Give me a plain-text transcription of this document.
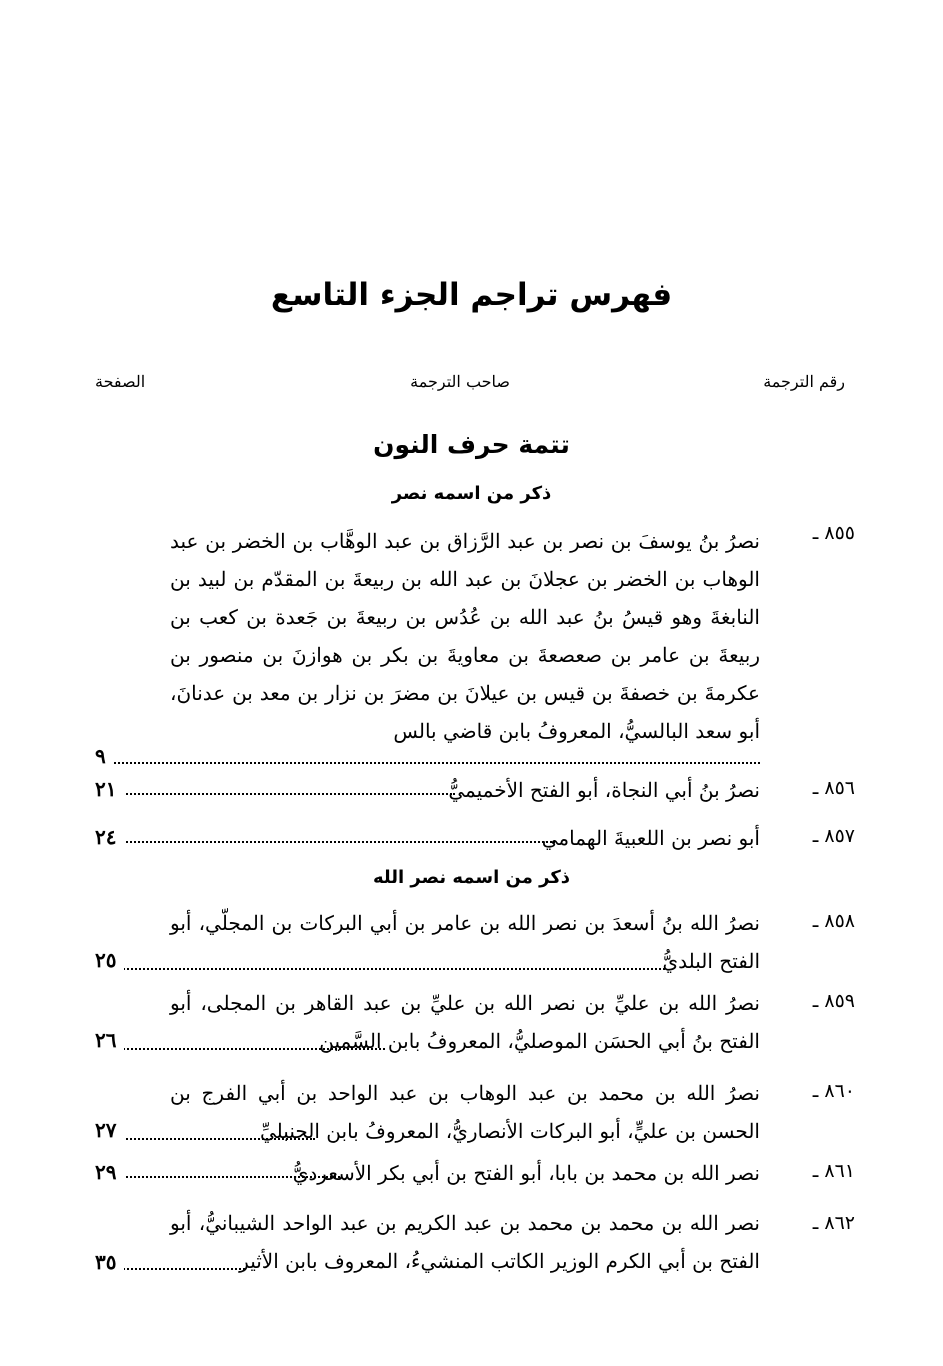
فهرس تراجم الجزء التاسع
رقم الترجمة
صاحب الترجمة
الصفحة
تتمة حرف النون
ذكر من اسمه نصر
٨٥٥ ـ
نصرُ بنُ يوسفَ بن نصر بن عبد الرَّزاق بن عبد الوهَّاب بن الخضر بن عبد الوهاب بن الخضر بن عجلانَ بن عبد الله بن ربيعةَ بن المقدّم بن لبيد بن النابغةَ وهو قيسُ بنُ عبد الله بن عُدُس بن ربيعةَ بن جَعدة بن كعب بن ربيعةَ بن عامر بن صعصعةَ بن معاويةَ بن بكر بن هوازنَ بن منصور بن عكرمةَ بن خصفةَ بن قيس بن عيلانَ بن مضرَ بن نزار بن معد بن عدنانَ، أبو سعد البالسيُّ، المعروفُ بابن قاضي بالس
٩
٨٥٦ ـ
نصرُ بنُ أبي النجاة، أبو الفتح الأخميميُّ
٢١
٨٥٧ ـ
أبو نصر بن اللعبيةَ الهمامي
٢٤
ذكر من اسمه نصر الله
٨٥٨ ـ
نصرُ الله بنُ أسعدَ بن نصر الله بن عامر بن أبي البركات بن المجلّي، أبو الفتح البلديُّ
٢٥
٨٥٩ ـ
نصرُ الله بن عليِّ بن نصر الله بن عليِّ بن عبد القاهر بن المجلى، أبو الفتح بنُ أبي الحسَن الموصليُّ، المعروفُ بابن السَّمين
٢٦
٨٦٠ ـ
نصرُ الله بن محمد بن عبد الوهاب بن عبد الواحد بن أبي الفرج بن الحسن بن عليٍّ، أبو البركات الأنصاريُّ، المعروفُ بابن الحنبليِّ
٢٧
٨٦١ ـ
نصر الله بن محمد بن بابا، أبو الفتح بن أبي بكر الأسعرديُّ
٢٩
٨٦٢ ـ
نصر الله بن محمد بن محمد بن عبد الكريم بن عبد الواحد الشيبانيُّ، أبو الفتح بن أبي الكرم الوزير الكاتب المنشيءُ، المعروف بابن الأثير
٣٥
